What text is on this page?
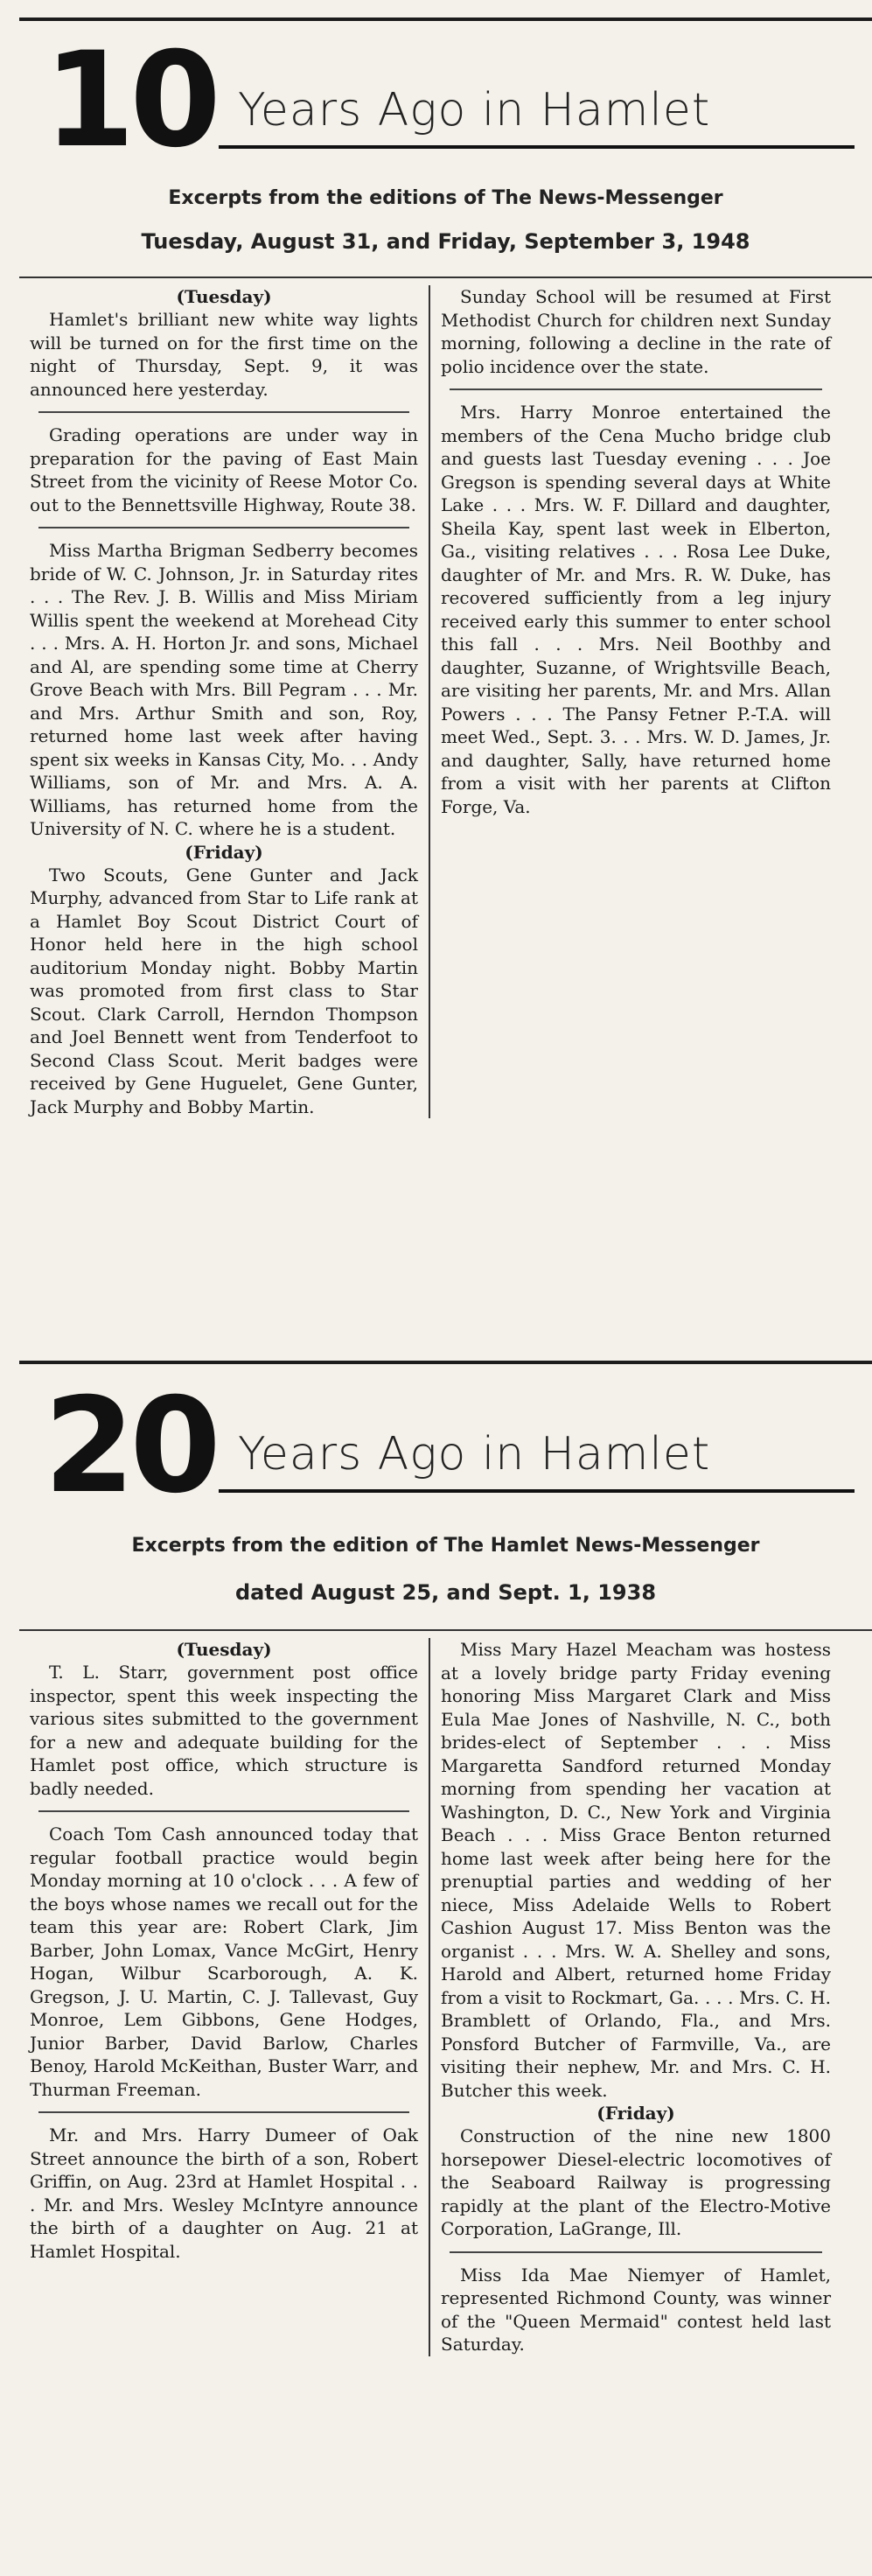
10 Years Ago in Hamlet
Excerpts from the editions of The News-Messenger
Tuesday, August 31, and Friday, September 3, 1948

(Tuesday)

Hamlet's brilliant new white way lights will be turned on for the first time on the night of Thursday, Sept. 9, it was announced here yesterday.

Grading operations are under way in preparation for the paving of East Main Street from the vicinity of Reese Motor Co. out to the Bennettsville Highway, Route 38.

Miss Martha Brigman Sedberry becomes bride of W. C. Johnson, Jr. in Saturday rites . . . The Rev. J. B. Willis and Miss Miriam Willis spent the weekend at Morehead City . . . Mrs. A. H. Horton Jr. and sons, Michael and Al, are spending some time at Cherry Grove Beach with Mrs. Bill Pegram . . . Mr. and Mrs. Arthur Smith and son, Roy, returned home last week after having spent six weeks in Kansas City, Mo. . . Andy Williams, son of Mr. and Mrs. A. A. Williams, has returned home from the University of N. C. where he is a student.

(Friday)

Two Scouts, Gene Gunter and Jack Murphy, advanced from Star to Life rank at a Hamlet Boy Scout District Court of Honor held here in the high school auditorium Monday night. Bobby Martin was promoted from first class to Star Scout. Clark Carroll, Herndon Thompson and Joel Bennett went from Tenderfoot to Second Class Scout. Merit badges were received by Gene Huguelet, Gene Gunter, Jack Murphy and Bobby Martin.

Sunday School will be resumed at First Methodist Church for children next Sunday morning, following a decline in the rate of polio incidence over the state.

Mrs. Harry Monroe entertained the members of the Cena Mucho bridge club and guests last Tuesday evening . . . Joe Gregson is spending several days at White Lake . . . Mrs. W. F. Dillard and daughter, Sheila Kay, spent last week in Elberton, Ga., visiting relatives . . . Rosa Lee Duke, daughter of Mr. and Mrs. R. W. Duke, has recovered sufficiently from a leg injury received early this summer to enter school this fall . . . Mrs. Neil Boothby and daughter, Suzanne, of Wrightsville Beach, are visiting her parents, Mr. and Mrs. Allan Powers . . . The Pansy Fetner P.-T.A. will meet Wed., Sept. 3. . . Mrs. W. D. James, Jr. and daughter, Sally, have returned home from a visit with her parents at Clifton Forge, Va.

20 Years Ago in Hamlet
Excerpts from the edition of The Hamlet News-Messenger
dated August 25, and Sept. 1, 1938

(Tuesday)

T. L. Starr, government post office inspector, spent this week inspecting the various sites submitted to the government for a new and adequate building for the Hamlet post office, which structure is badly needed.

Coach Tom Cash announced today that regular football practice would begin Monday morning at 10 o'clock . . . A few of the boys whose names we recall out for the team this year are: Robert Clark, Jim Barber, John Lomax, Vance McGirt, Henry Hogan, Wilbur Scarborough, A. K. Gregson, J. U. Martin, C. J. Tallevast, Guy Monroe, Lem Gibbons, Gene Hodges, Junior Barber, David Barlow, Charles Benoy, Harold McKeithan, Buster Warr, and Thurman Freeman.

Mr. and Mrs. Harry Dumeer of Oak Street announce the birth of a son, Robert Griffin, on Aug. 23rd at Hamlet Hospital . . . Mr. and Mrs. Wesley McIntyre announce the birth of a daughter on Aug. 21 at Hamlet Hospital.

Miss Mary Hazel Meacham was hostess at a lovely bridge party Friday evening honoring Miss Margaret Clark and Miss Eula Mae Jones of Nashville, N. C., both brides-elect of September . . . Miss Margaretta Sandford returned Monday morning from spending her vacation at Washington, D. C., New York and Virginia Beach . . . Miss Grace Benton returned home last week after being here for the prenuptial parties and wedding of her niece, Miss Adelaide Wells to Robert Cashion August 17. Miss Benton was the organist . . . Mrs. W. A. Shelley and sons, Harold and Albert, returned home Friday from a visit to Rockmart, Ga. . . . Mrs. C. H. Bramblett of Orlando, Fla., and Mrs. Ponsford Butcher of Farmville, Va., are visiting their nephew, Mr. and Mrs. C. H. Butcher this week.

(Friday)

Construction of the nine new 1800 horsepower Diesel-electric locomotives of the Seaboard Railway is progressing rapidly at the plant of the Electro-Motive Corporation, LaGrange, Ill.

Miss Ida Mae Niemyer of Hamlet, represented Richmond County, was winner of the "Queen Mermaid" contest held last Saturday.
